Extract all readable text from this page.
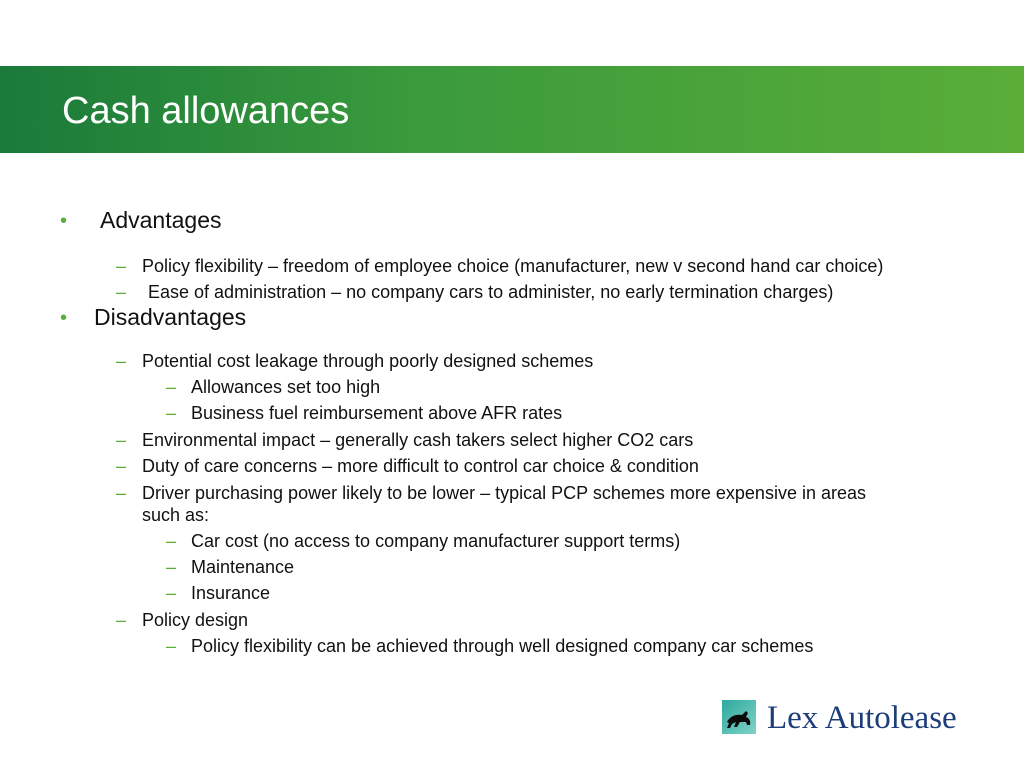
Cash allowances
• Advantages
– Policy flexibility – freedom of employee choice (manufacturer, new v second hand car choice)
– Ease of administration – no company cars to administer, no early termination charges)
• Disadvantages
– Potential cost leakage through poorly designed schemes
– Allowances set too high
– Business fuel reimbursement above AFR rates
– Environmental impact – generally cash takers select higher CO2 cars
– Duty of care concerns – more difficult to control car choice & condition
– Driver purchasing power likely to be lower – typical PCP schemes more expensive in areas
such as:
– Car cost (no access to company manufacturer support terms)
– Maintenance
– Insurance
– Policy design
– Policy flexibility can be achieved through well designed company car schemes
Lex Autolease
